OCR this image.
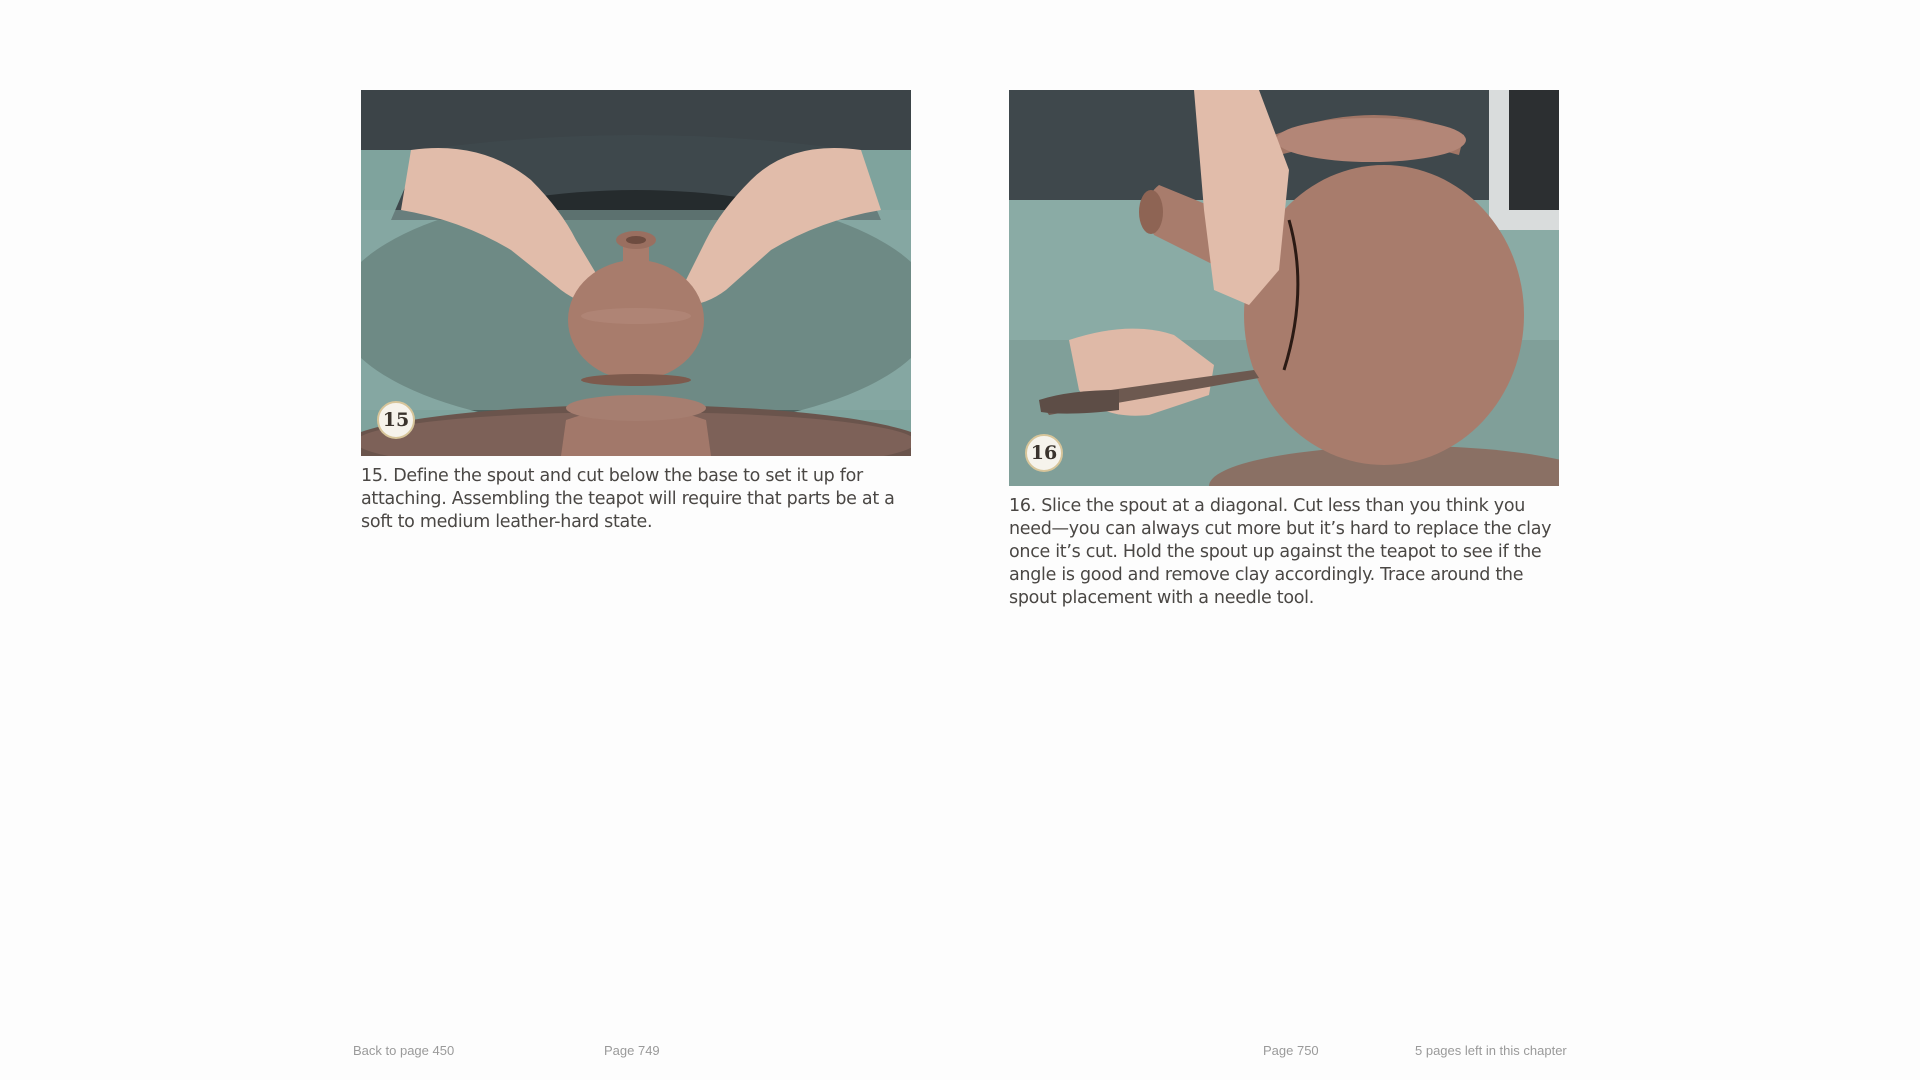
15

15. Define the spout and cut below the base to set it up for attaching. Assembling the teapot will require that parts be at a soft to medium leather-hard state.

16

16. Slice the spout at a diagonal. Cut less than you think you need—you can always cut more but it’s hard to replace the clay once it’s cut. Hold the spout up against the teapot to see if the angle is good and remove clay accordingly. Trace around the spout placement with a needle tool.

Back to page 450	Page 749	Page 750	5 pages left in this chapter
